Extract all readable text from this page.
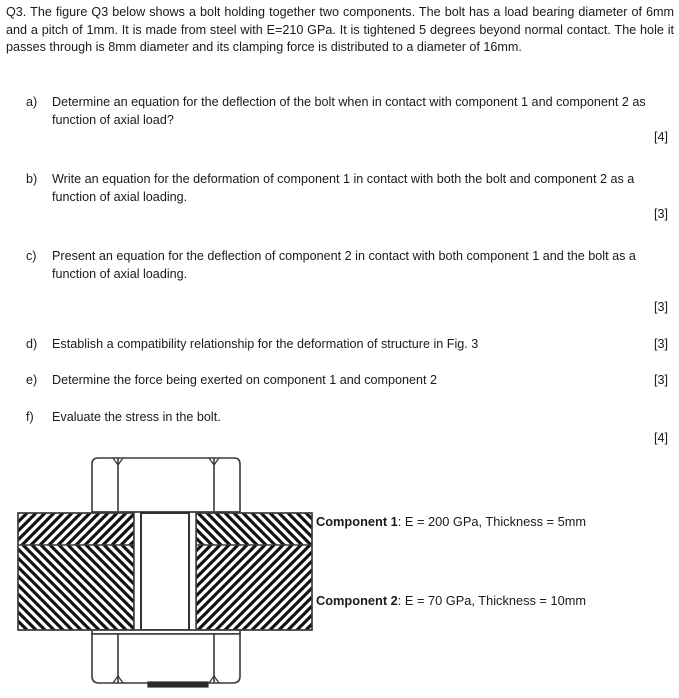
Q3. The figure Q3 below shows a bolt holding together two components. The bolt has a load bearing diameter of 6mm and a pitch of 1mm. It is made from steel with E=210 GPa. It is tightened 5 degrees beyond normal contact. The hole it passes through is 8mm diameter and its clamping force is distributed to a diameter of 16mm.
a)	Determine an equation for the deflection of the bolt when in contact with component 1 and component 2 as function of axial load?
[4]
b)	Write an equation for the deformation of component 1 in contact with both the bolt and component 2 as a function of axial loading.
[3]
c)	Present an equation for the deflection of component 2 in contact with both component 1 and the bolt as a function of axial loading.
[3]
d)	Establish a compatibility relationship for the deformation of structure in Fig. 3	[3]
e)	Determine the force being exerted on component 1 and component 2	[3]
f)	Evaluate the stress in the bolt.
[4]
Component 1: E = 200 GPa, Thickness = 5mm
Component 2: E = 70 GPa, Thickness = 10mm
